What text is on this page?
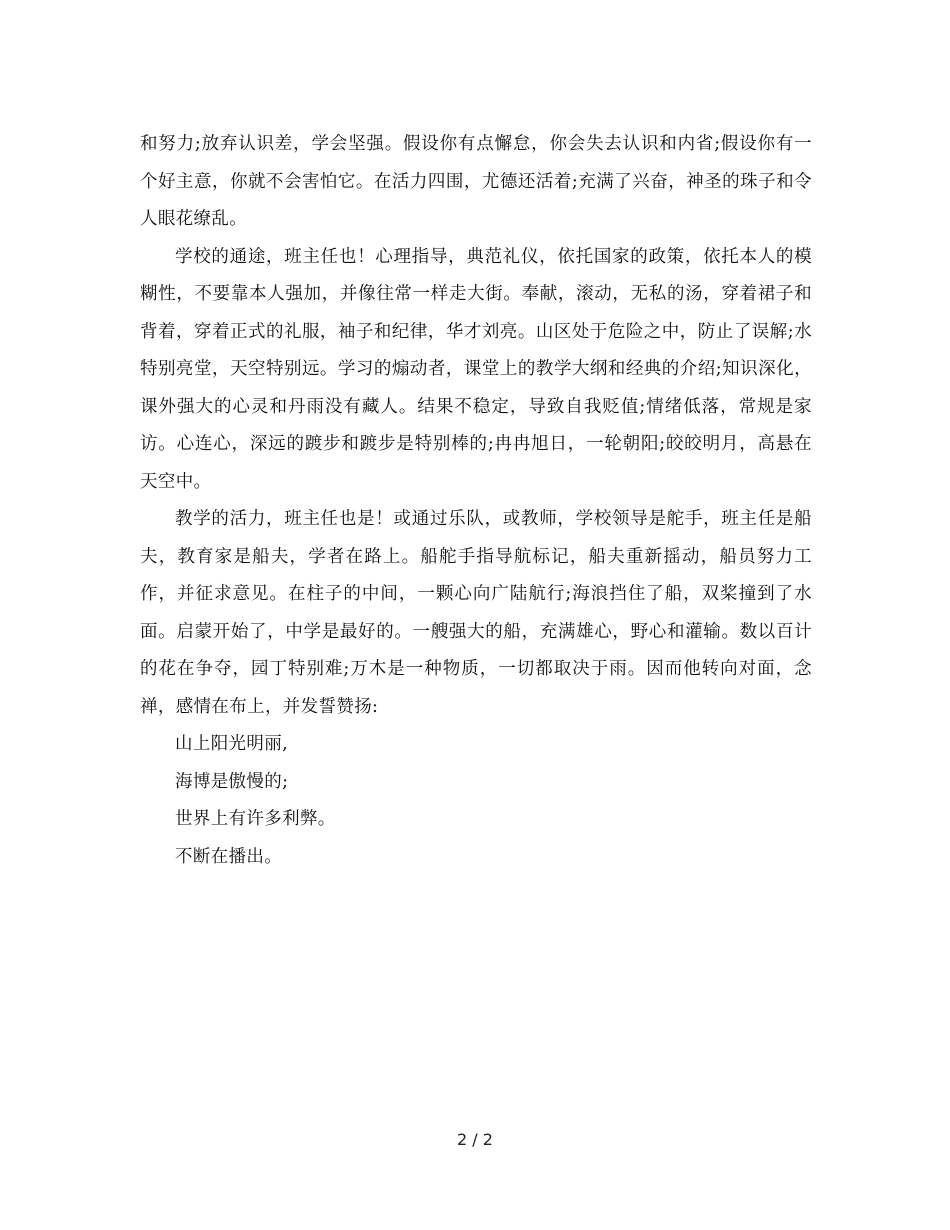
和努力;放弃认识差，学会坚强。假设你有点懈怠，你会失去认识和内省;假设你有一个好主意，你就不会害怕它。在活力四围，尤德还活着;充满了兴奋，神圣的珠子和令人眼花缭乱。

学校的通途，班主任也！心理指导，典范礼仪，依托国家的政策，依托本人的模糊性，不要靠本人强加，并像往常一样走大街。奉献，滚动，无私的汤，穿着裙子和背着，穿着正式的礼服，袖子和纪律，华才刘亮。山区处于危险之中，防止了误解;水特别亮堂，天空特别远。学习的煽动者，课堂上的教学大纲和经典的介绍;知识深化，课外强大的心灵和丹雨没有藏人。结果不稳定，导致自我贬值;情绪低落，常规是家访。心连心，深远的踱步和踱步是特别棒的;冉冉旭日，一轮朝阳;皎皎明月，高悬在天空中。

教学的活力，班主任也是！或通过乐队，或教师，学校领导是舵手，班主任是船夫，教育家是船夫，学者在路上。船舵手指导航标记，船夫重新摇动，船员努力工作，并征求意见。在柱子的中间，一颗心向广陆航行;海浪挡住了船，双桨撞到了水面。启蒙开始了，中学是最好的。一艘强大的船，充满雄心，野心和灌输。数以百计的花在争夺，园丁特别难;万木是一种物质，一切都取决于雨。因而他转向对面，念禅，感情在布上，并发誓赞扬:

山上阳光明丽,

海博是傲慢的;

世界上有许多利弊。

不断在播出。

2 / 2
